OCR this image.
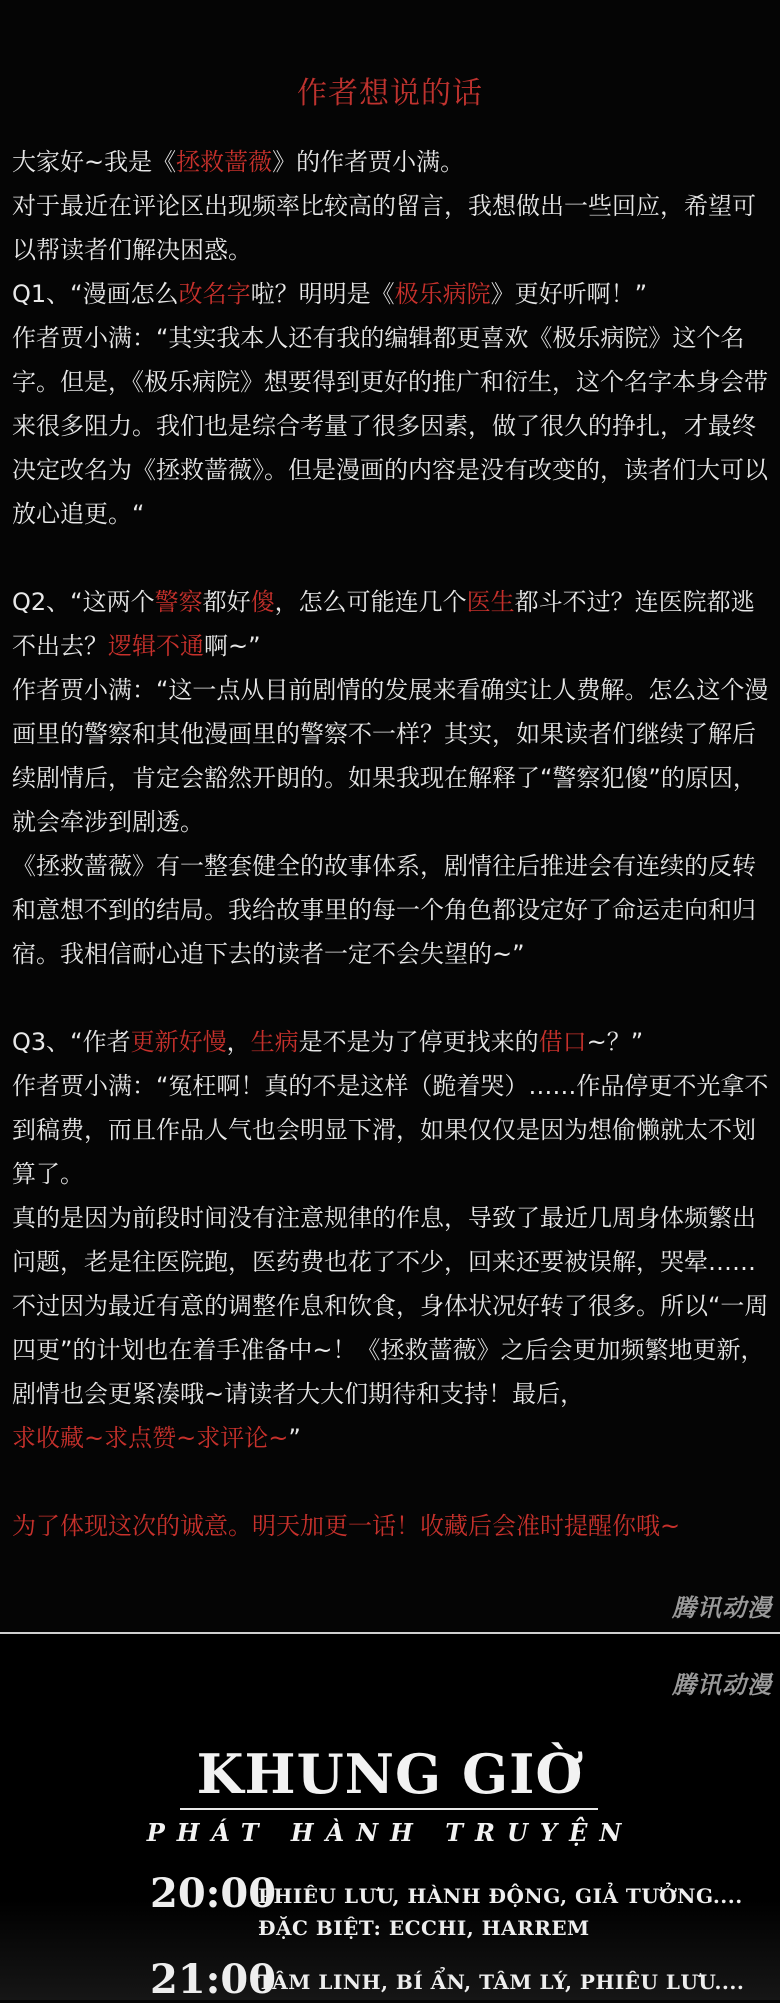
作者想说的话

大家好~我是《拯救蔷薇》的作者贾小满。

对于最近在评论区出现频率比较高的留言，我想做出一些回应，希望可以帮读者们解决困惑。

Q1、“漫画怎么改名字啦？明明是《极乐病院》更好听啊！”

作者贾小满：“其实我本人还有我的编辑都更喜欢《极乐病院》这个名字。但是，《极乐病院》想要得到更好的推广和衍生，这个名字本身会带来很多阻力。我们也是综合考量了很多因素，做了很久的挣扎，才最终决定改名为《拯救蔷薇》。但是漫画的内容是没有改变的，读者们大可以放心追更。“

Q2、“这两个警察都好傻，怎么可能连几个医生都斗不过？连医院都逃不出去？逻辑不通啊~”

作者贾小满：“这一点从目前剧情的发展来看确实让人费解。怎么这个漫画里的警察和其他漫画里的警察不一样？其实，如果读者们继续了解后续剧情后，肯定会豁然开朗的。如果我现在解释了“警察犯傻”的原因，就会牵涉到剧透。

《拯救蔷薇》有一整套健全的故事体系，剧情往后推进会有连续的反转和意想不到的结局。我给故事里的每一个角色都设定好了命运走向和归宿。我相信耐心追下去的读者一定不会失望的~”

Q3、“作者更新好慢，生病是不是为了停更找来的借口~？”

作者贾小满：“冤枉啊！真的不是这样（跪着哭）……作品停更不光拿不到稿费，而且作品人气也会明显下滑，如果仅仅是因为想偷懒就太不划算了。

真的是因为前段时间没有注意规律的作息，导致了最近几周身体频繁出问题，老是往医院跑，医药费也花了不少，回来还要被误解，哭晕……不过因为最近有意的调整作息和饮食，身体状况好转了很多。所以“一周四更”的计划也在着手准备中~！《拯救蔷薇》之后会更加频繁地更新，剧情也会更紧凑哦~请读者大大们期待和支持！最后，

求收藏~求点赞~求评论~”

为了体现这次的诚意。明天加更一话！收藏后会准时提醒你哦~

腾讯动漫
腾讯动漫
KHUNG GIỜ
PHÁT HÀNH TRUYỆN
20:00
PHIÊU LƯU, HÀNH ĐỘNG, GIẢ TƯỞNG....
ĐẶC BIỆT: ECCHI, HARREM
21:00
TÂM LINH, BÍ ẨN, TÂM LÝ, PHIÊU LƯU....
